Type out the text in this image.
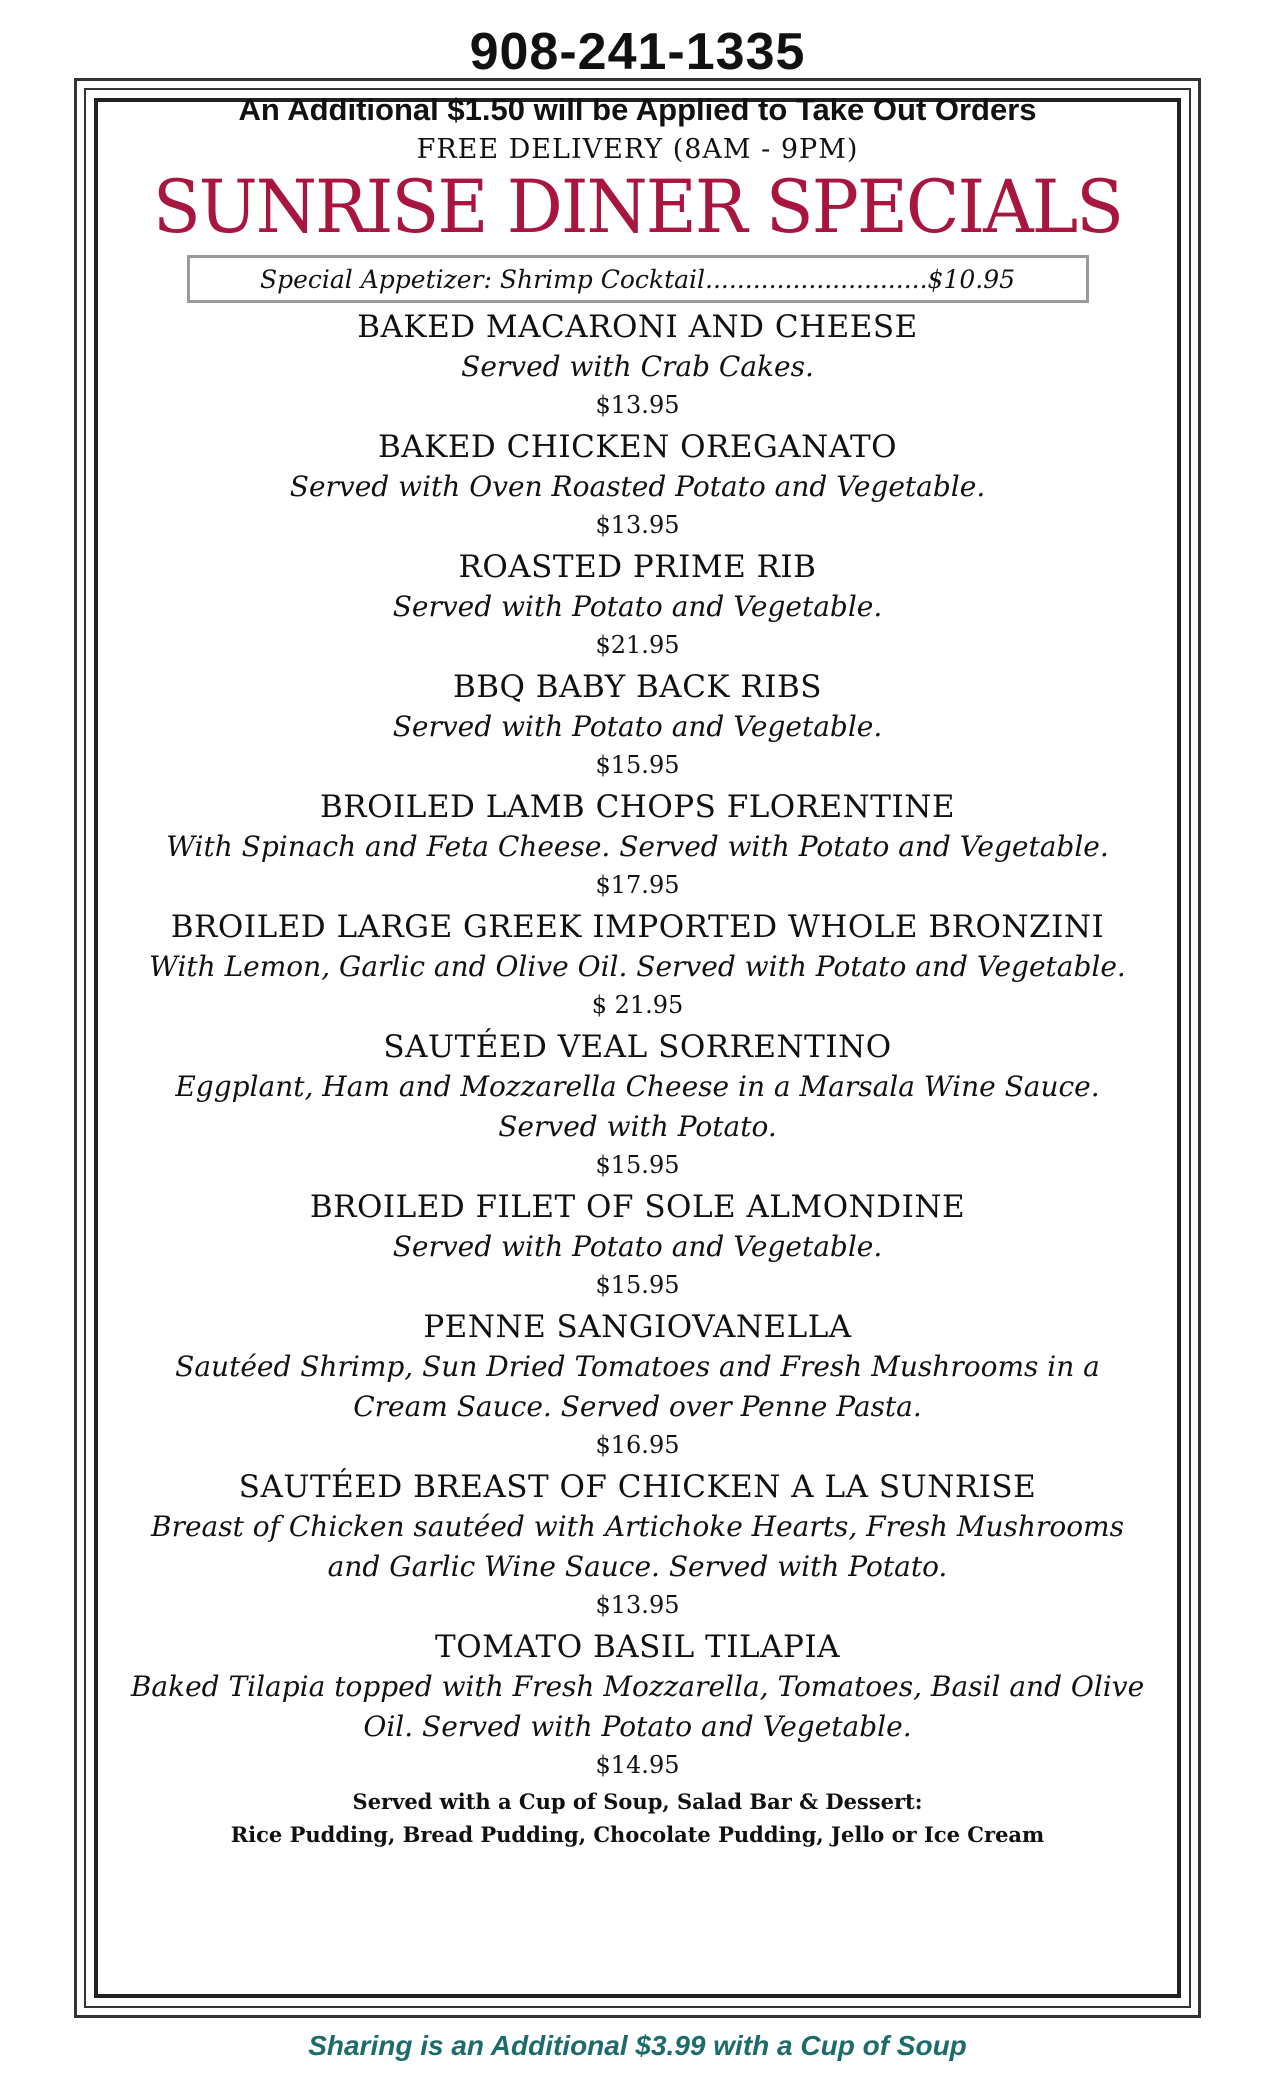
908-241-1335
An Additional $1.50 will be Applied to Take Out Orders
FREE DELIVERY (8AM - 9PM)
SUNRISE DINER SPECIALS
Special Appetizer: Shrimp Cocktail............................$10.95
BAKED MACARONI AND CHEESE
Served with Crab Cakes.
$13.95
BAKED CHICKEN OREGANATO
Served with Oven Roasted Potato and Vegetable.
$13.95
ROASTED PRIME RIB
Served with Potato and Vegetable.
$21.95
BBQ BABY BACK RIBS
Served with Potato and Vegetable.
$15.95
BROILED LAMB CHOPS FLORENTINE
With Spinach and Feta Cheese. Served with Potato and Vegetable.
$17.95
BROILED LARGE GREEK IMPORTED WHOLE BRONZINI
With Lemon, Garlic and Olive Oil. Served with Potato and Vegetable.
$ 21.95
SAUTÉED VEAL SORRENTINO
Eggplant, Ham and Mozzarella Cheese in a Marsala Wine Sauce. Served with Potato.
$15.95
BROILED FILET OF SOLE ALMONDINE
Served with Potato and Vegetable.
$15.95
PENNE SANGIOVANELLA
Sautéed Shrimp, Sun Dried Tomatoes and Fresh Mushrooms in a Cream Sauce. Served over Penne Pasta.
$16.95
SAUTÉED BREAST OF CHICKEN A LA SUNRISE
Breast of Chicken sautéed with Artichoke Hearts, Fresh Mushrooms and Garlic Wine Sauce. Served with Potato.
$13.95
TOMATO BASIL TILAPIA
Baked Tilapia topped with Fresh Mozzarella, Tomatoes, Basil and Olive Oil. Served with Potato and Vegetable.
$14.95
Served with a Cup of Soup, Salad Bar & Dessert:
Rice Pudding, Bread Pudding, Chocolate Pudding, Jello or Ice Cream
Sharing is an Additional $3.99 with a Cup of Soup
